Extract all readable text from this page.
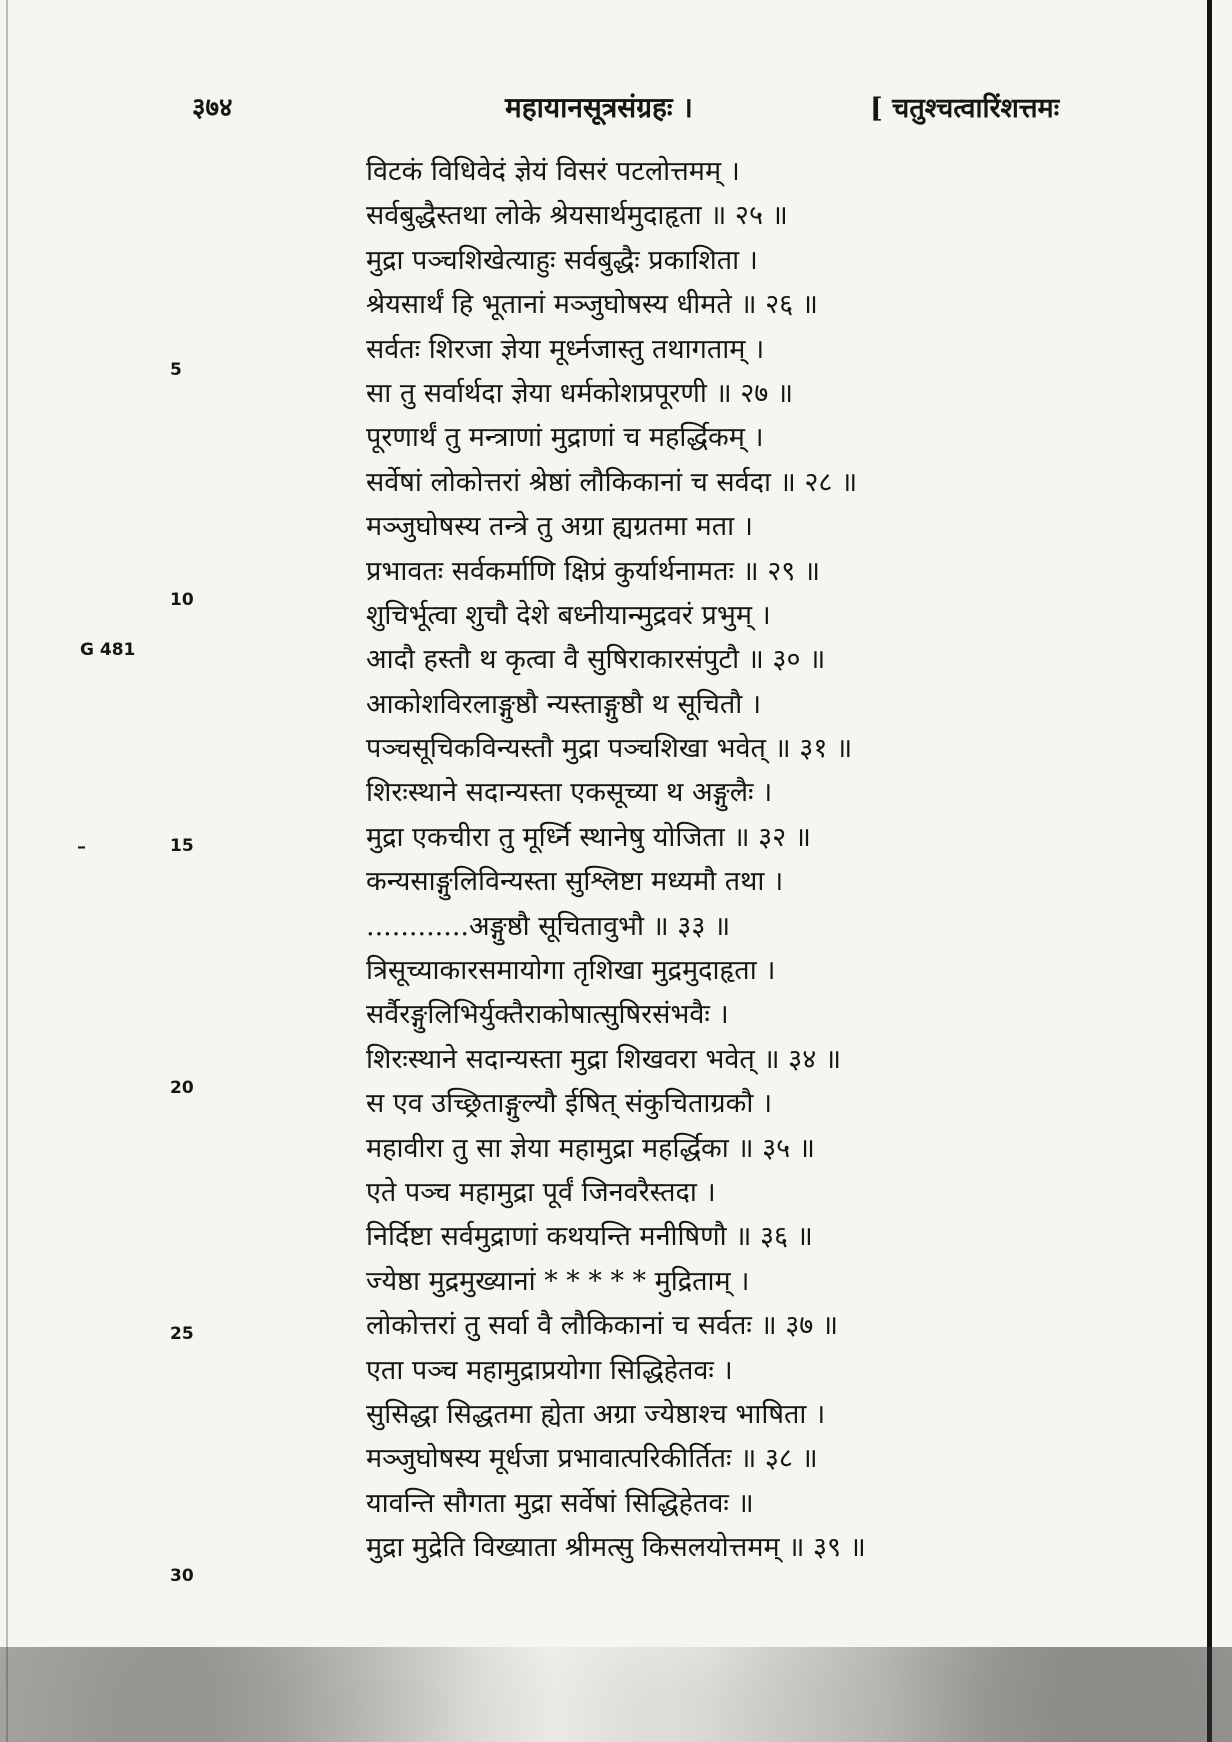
३७४	महायानसूत्रसंग्रहः ।	[ चतुश्चत्वारिंशत्तमः
5
10
15
20
25
30
G 481
–
विटकं विधिवेदं ज्ञेयं विसरं पटलोत्तमम् ।
सर्वबुद्धैस्तथा लोके श्रेयसार्थमुदाहृता ॥ २५ ॥
मुद्रा पञ्चशिखेत्याहुः सर्वबुद्धैः प्रकाशिता ।
श्रेयसार्थं हि भूतानां मञ्जुघोषस्य धीमते ॥ २६ ॥
सर्वतः शिरजा ज्ञेया मूर्ध्नजास्तु तथागताम् ।
सा तु सर्वार्थदा ज्ञेया धर्मकोशप्रपूरणी ॥ २७ ॥
पूरणार्थं तु मन्त्राणां मुद्राणां च महर्द्धिकम् ।
सर्वेषां लोकोत्तरां श्रेष्ठां लौकिकानां च सर्वदा ॥ २८ ॥
मञ्जुघोषस्य तन्त्रे तु अग्रा ह्यग्रतमा मता ।
प्रभावतः सर्वकर्माणि क्षिप्रं कुर्यार्थनामतः ॥ २९ ॥
शुचिर्भूत्वा शुचौ देशे बध्नीयान्मुद्रवरं प्रभुम् ।
आदौ हस्तौ थ कृत्वा वै सुषिराकारसंपुटौ ॥ ३० ॥
आकोशविरलाङ्गुष्ठौ न्यस्ताङ्गुष्ठौ थ सूचितौ ।
पञ्चसूचिकविन्यस्तौ मुद्रा पञ्चशिखा भवेत् ॥ ३१ ॥
शिरःस्थाने सदान्यस्ता एकसूच्या थ अङ्गुलैः ।
मुद्रा एकचीरा तु मूर्ध्नि स्थानेषु योजिता ॥ ३२ ॥
कन्यसाङ्गुलिविन्यस्ता सुश्लिष्टा मध्यमौ तथा ।
............अङ्गुष्ठौ सूचितावुभौ ॥ ३३ ॥
त्रिसूच्याकारसमायोगा तृशिखा मुद्रमुदाहृता ।
सर्वैरङ्गुलिभिर्युक्तैराकोषात्सुषिरसंभवैः ।
शिरःस्थाने सदान्यस्ता मुद्रा शिखवरा भवेत् ॥ ३४ ॥
स एव उच्छ्रिताङ्गुल्यौ ईषित् संकुचिताग्रकौ ।
महावीरा तु सा ज्ञेया महामुद्रा महर्द्धिका ॥ ३५ ॥
एते पञ्च महामुद्रा पूर्वं जिनवरैस्तदा ।
निर्दिष्टा सर्वमुद्राणां कथयन्ति मनीषिणौ ॥ ३६ ॥
ज्येष्ठा मुद्रमुख्यानां * * * * * मुद्रिताम् ।
लोकोत्तरां तु सर्वा वै लौकिकानां च सर्वतः ॥ ३७ ॥
एता पञ्च महामुद्राप्रयोगा सिद्धिहेतवः ।
सुसिद्धा सिद्धतमा ह्येता अग्रा ज्येष्ठाश्च भाषिता ।
मञ्जुघोषस्य मूर्धजा प्रभावात्परिकीर्तितः ॥ ३८ ॥
यावन्ति सौगता मुद्रा सर्वेषां सिद्धिहेतवः ॥
मुद्रा मुद्रेति विख्याता श्रीमत्सु किसलयोत्तमम् ॥ ३९ ॥
